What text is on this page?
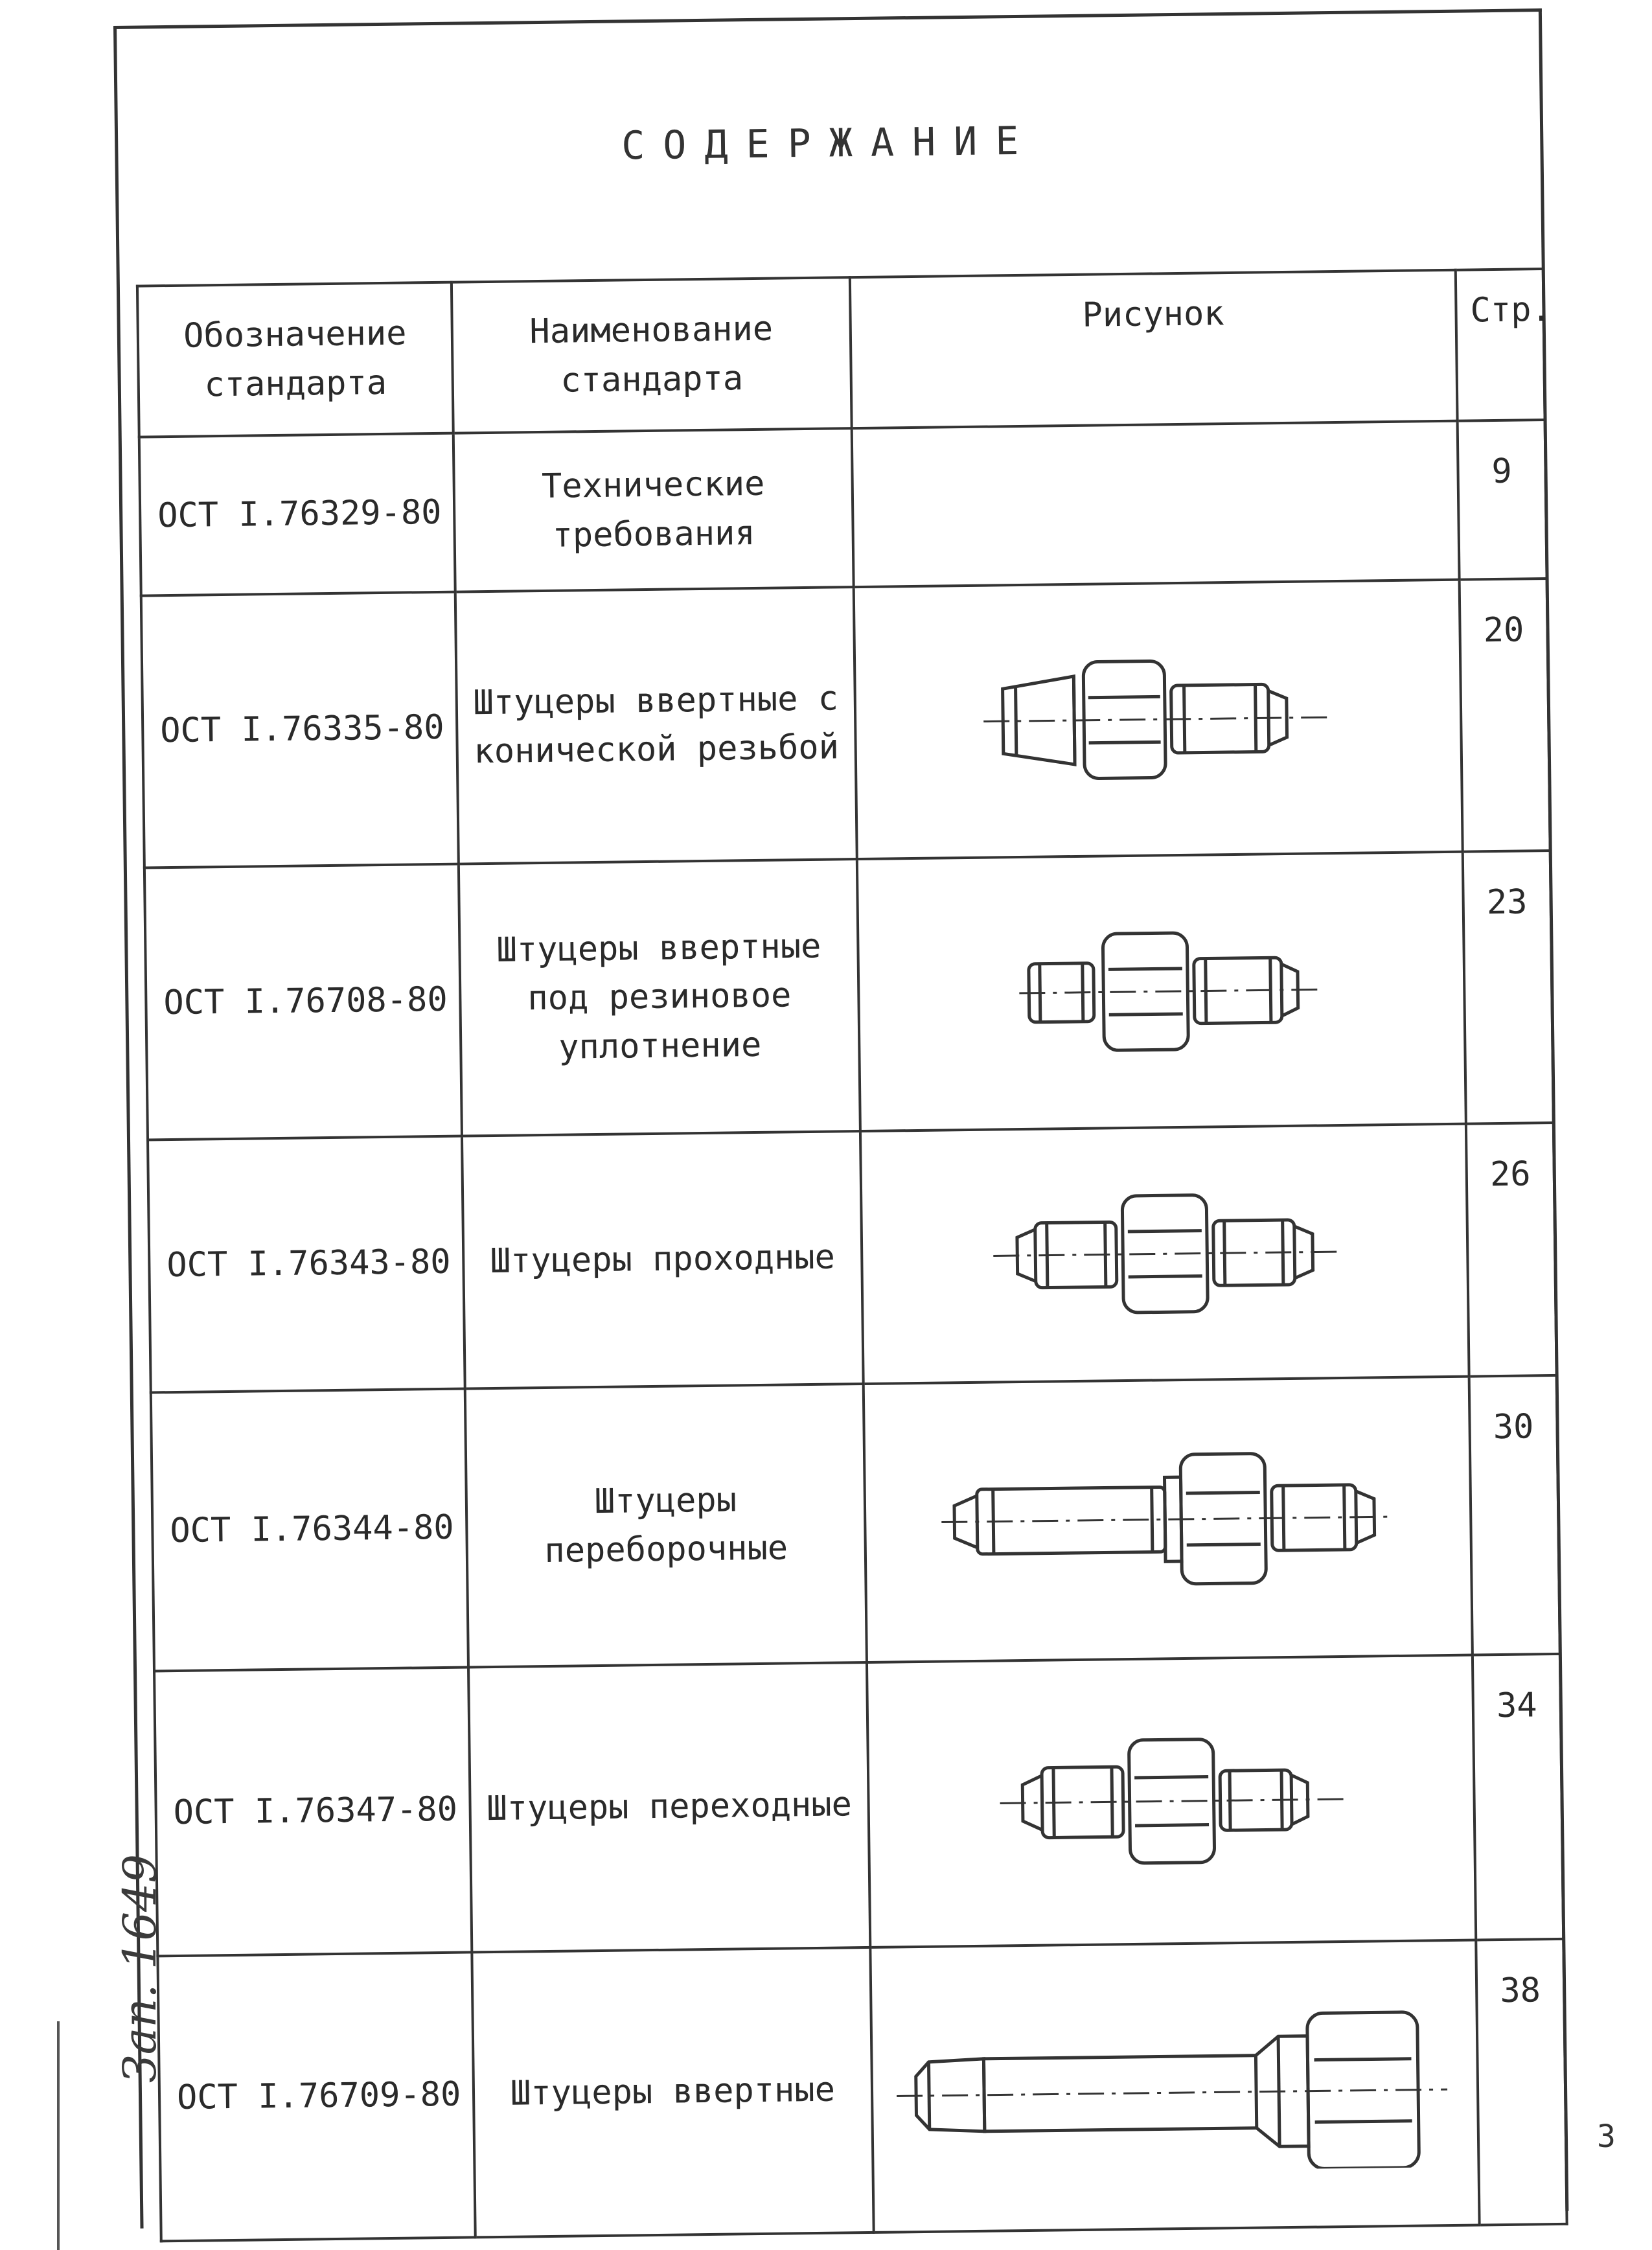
СОДЕРЖАНИЕ
Обозначение стандарта	Наименование стандарта	Рисунок	Стр.
ОСТ I.76329-80	Технические требования		9
ОСТ I.76335-80	Штуцеры ввертные с конической резьбой		20
ОСТ I.76708-80	Штуцеры ввертные под резиновое уплотнение		23
ОСТ I.76343-80	Штуцеры проходные		26
ОСТ I.76344-80	Штуцеры переборочные		30
ОСТ I.76347-80	Штуцеры переходные		34
ОСТ I.76709-80	Штуцеры ввертные		38
Зап. 1649
3
